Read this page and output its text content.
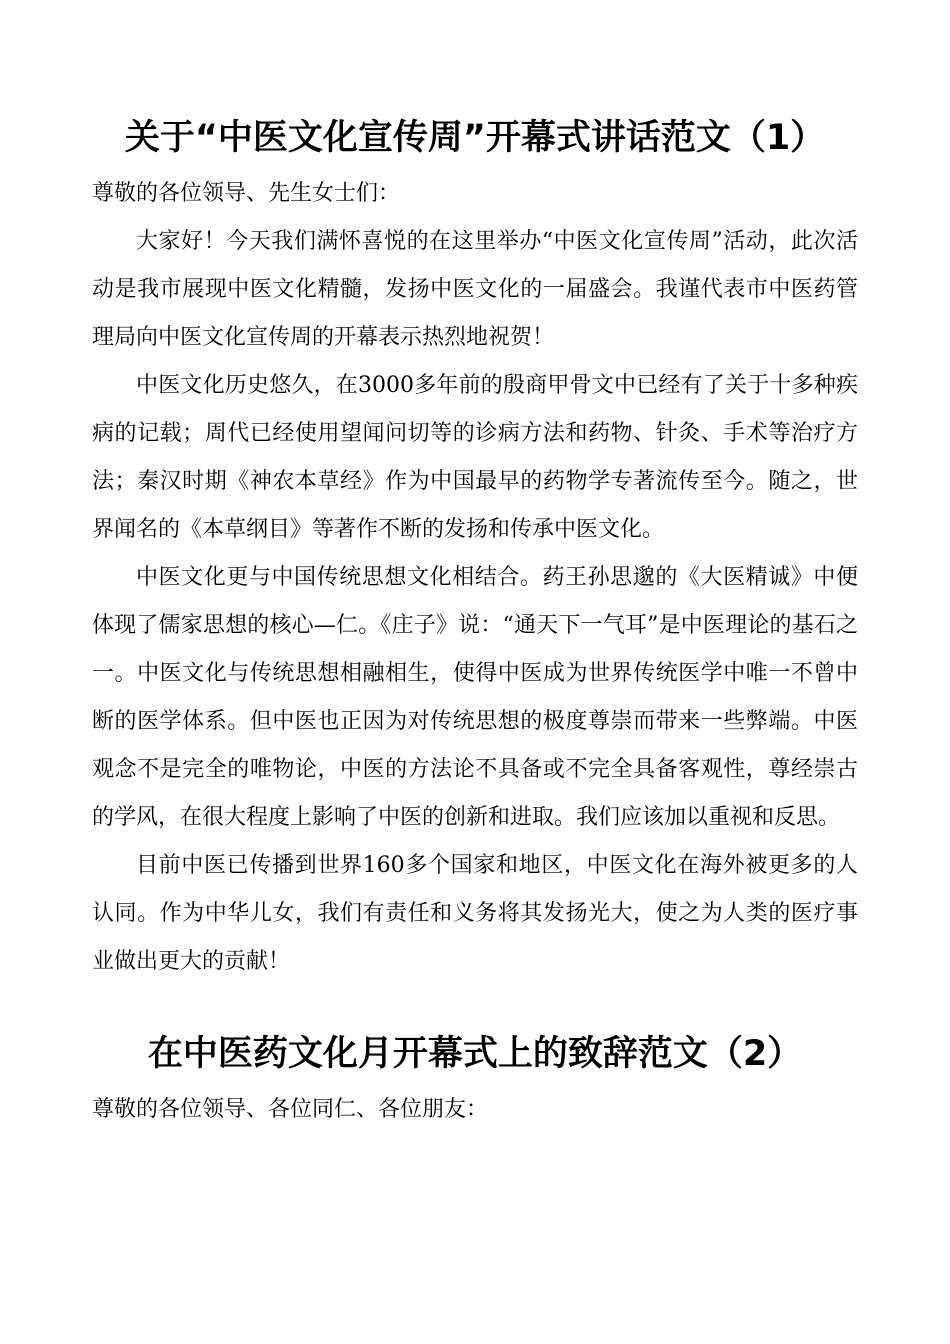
关于“中医文化宣传周”开幕式讲话范文（1）

尊敬的各位领导、先生女士们：

大家好！今天我们满怀喜悦的在这里举办“中医文化宣传周”活动，此次活动是我市展现中医文化精髓，发扬中医文化的一届盛会。我谨代表市中医药管理局向中医文化宣传周的开幕表示热烈地祝贺！

中医文化历史悠久，在3000多年前的殷商甲骨文中已经有了关于十多种疾病的记载；周代已经使用望闻问切等的诊病方法和药物、针灸、手术等治疗方法；秦汉时期《神农本草经》作为中国最早的药物学专著流传至今。随之，世界闻名的《本草纲目》等著作不断的发扬和传承中医文化。

中医文化更与中国传统思想文化相结合。药王孙思邈的《大医精诚》中便体现了儒家思想的核心—仁。《庄子》说：“通天下一气耳”是中医理论的基石之一。中医文化与传统思想相融相生，使得中医成为世界传统医学中唯一不曾中断的医学体系。但中医也正因为对传统思想的极度尊崇而带来一些弊端。中医观念不是完全的唯物论，中医的方法论不具备或不完全具备客观性，尊经崇古的学风，在很大程度上影响了中医的创新和进取。我们应该加以重视和反思。

目前中医已传播到世界160多个国家和地区，中医文化在海外被更多的人认同。作为中华儿女，我们有责任和义务将其发扬光大，使之为人类的医疗事业做出更大的贡献！

在中医药文化月开幕式上的致辞范文（2）

尊敬的各位领导、各位同仁、各位朋友：
